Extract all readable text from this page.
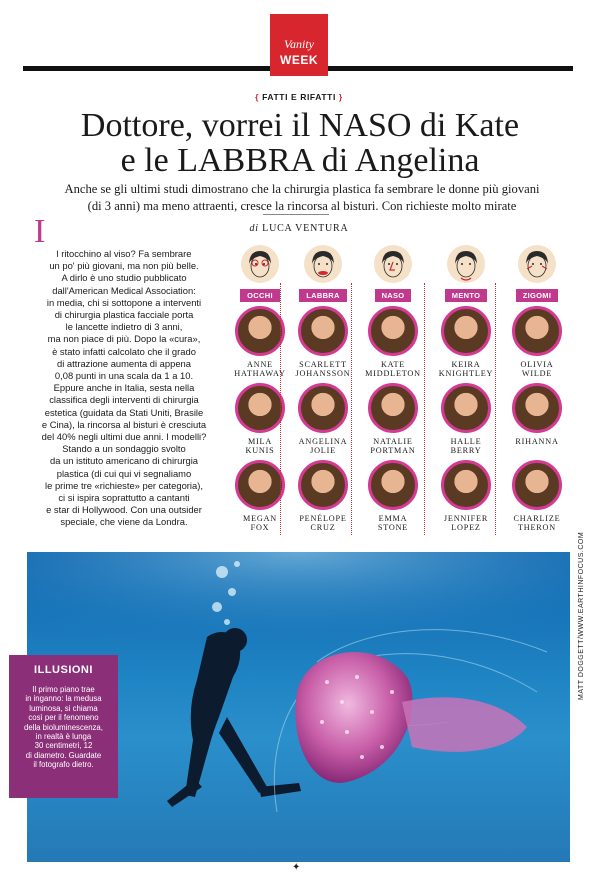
Vanity
WEEK
{ FATTI E RIFATTI }
Dottore, vorrei il NASO di Kate
e le LABBRA di Angelina
Anche se gli ultimi studi dimostrano che la chirurgia plastica fa sembrare le donne più giovani
(di 3 anni) ma meno attraenti, cresce la rincorsa al bisturi. Con richieste molto mirate
di LUCA VENTURA
I
l ritocchino al viso? Fa sembrare
un po' più giovani, ma non più belle.
A dirlo è uno studio pubblicato
dall'American Medical Association:
in media, chi si sottopone a interventi
di chirurgia plastica facciale porta
le lancette indietro di 3 anni,
ma non piace di più. Dopo la «cura»,
è stato infatti calcolato che il grado
di attrazione aumenta di appena
0,08 punti in una scala da 1 a 10.
Eppure anche in Italia, sesta nella
classifica degli interventi di chirurgia
estetica (guidata da Stati Uniti, Brasile
e Cina), la rincorsa al bisturi è cresciuta
del 40% negli ultimi due anni. I modelli?
Stando a un sondaggio svolto
da un istituto americano di chirurgia
plastica (di cui qui vi segnaliamo
le prime tre «richieste» per categoria),
ci si ispira soprattutto a cantanti
e star di Hollywood. Con una outsider
speciale, che viene da Londra.
OCCHI
ANNE
HATHAWAY
MILA
KUNIS
MEGAN
FOX
LABBRA
SCARLETT
JOHANSSON
ANGELINA
JOLIE
PENÉLOPE
CRUZ
NASO
KATE
MIDDLETON
NATALIE
PORTMAN
EMMA
STONE
MENTO
KEIRA
KNIGHTLEY
HALLE
BERRY
JENNIFER
LOPEZ
ZIGOMI
OLIVIA
WILDE
RIHANNA
CHARLIZE
THERON
MATT DOGGETT/WWW.EARTHINFOCUS.COM
ILLUSIONI
Il primo piano trae
in inganno: la medusa
luminosa, si chiama
così per il fenomeno
della bioluminescenza,
in realtà è lunga
30 centimetri, 12
di diametro. Guardate
il fotografo dietro.
✦
